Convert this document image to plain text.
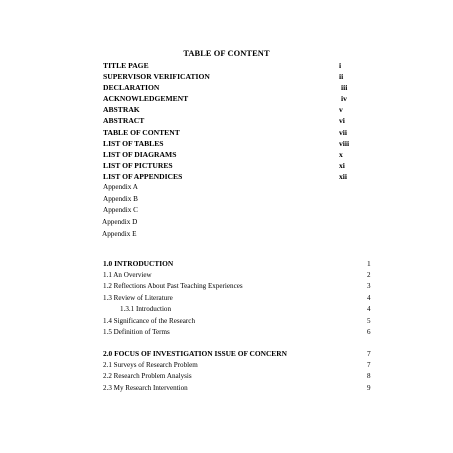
TABLE OF CONTENT
TITLE PAGE	i
SUPERVISOR VERIFICATION	ii
DECLARATION	iii
ACKNOWLEDGEMENT	iv
ABSTRAK	v
ABSTRACT	vi
TABLE OF CONTENT	vii
LIST OF TABLES	viii
LIST OF DIAGRAMS	x
LIST OF PICTURES	xi
LIST OF APPENDICES	xii
Appendix A
Appendix B
Appendix C
Appendix D
Appendix E
1.0 INTRODUCTION	1
1.1 An Overview	2
1.2 Reflections About Past Teaching Experiences	3
1.3 Review of Literature	4
1.3.1 Introduction	4
1.4 Significance of the Research	5
1.5 Definition of Terms	6
2.0 FOCUS OF INVESTIGATION ISSUE OF CONCERN	7
2.1 Surveys of Research Problem	7
2.2 Research Problem Analysis	8
2.3 My Research Intervention	9
